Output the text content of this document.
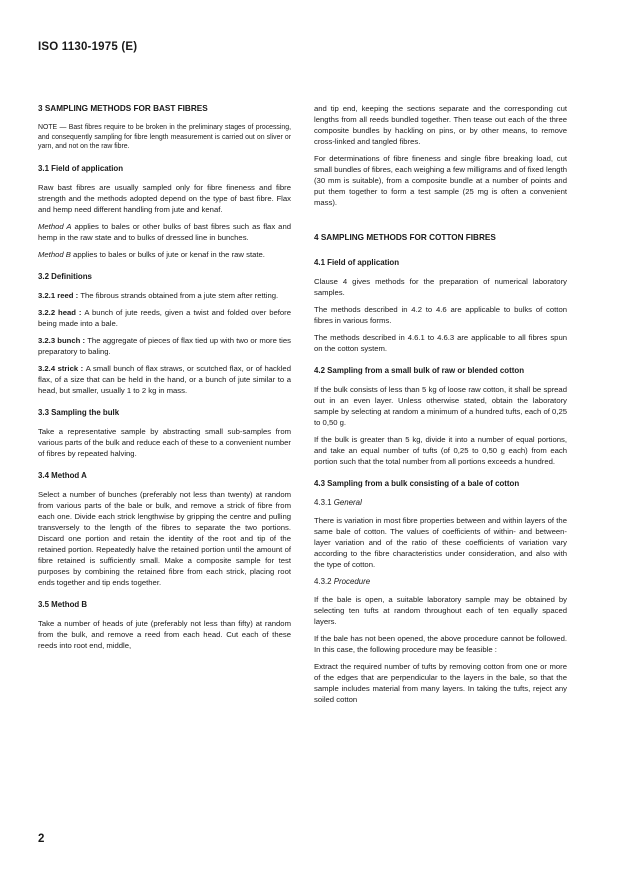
ISO 1130-1975 (E)
3 SAMPLING METHODS FOR BAST FIBRES

NOTE — Bast fibres require to be broken in the preliminary stages of processing, and consequently sampling for fibre length measurement is carried out on sliver or yarn, and not on the raw fibre.

3.1 Field of application

Raw bast fibres are usually sampled only for fibre fineness and fibre strength and the methods adopted depend on the type of bast fibre. Flax and hemp need different handling from jute and kenaf.

Method A applies to bales or other bulks of bast fibres such as flax and hemp in the raw state and to bulks of dressed line in bunches.

Method B applies to bales or bulks of jute or kenaf in the raw state.

3.2 Definitions

3.2.1 reed : The fibrous strands obtained from a jute stem after retting.

3.2.2 head : A bunch of jute reeds, given a twist and folded over before being made into a bale.

3.2.3 bunch : The aggregate of pieces of flax tied up with two or more ties preparatory to baling.

3.2.4 strick : A small bunch of flax straws, or scutched flax, or of hackled flax, of a size that can be held in the hand, or a bunch of jute similar to a head, but smaller, usually 1 to 2 kg in mass.

3.3 Sampling the bulk

Take a representative sample by abstracting small sub-samples from various parts of the bulk and reduce each of these to a convenient number of fibres by repeated halving.

3.4 Method A

Select a number of bunches (preferably not less than twenty) at random from various parts of the bale or bulk, and remove a strick of fibre from each one. Divide each strick lengthwise by gripping the centre and pulling transversely to the length of the fibres to separate the two portions. Discard one portion and retain the identity of the root and tip of the retained portion. Repeatedly halve the retained portion until the amount of fibre retained is sufficiently small. Make a composite sample for test purposes by combining the retained fibre from each strick, placing root ends together and tip ends together.

3.5 Method B

Take a number of heads of jute (preferably not less than fifty) at random from the bulk, and remove a reed from each head. Cut each of these reeds into root end, middle,

and tip end, keeping the sections separate and the corresponding cut lengths from all reeds bundled together. Then tease out each of the three composite bundles by hackling on pins, or by other means, to remove cross-linked and tangled fibres.

For determinations of fibre fineness and single fibre breaking load, cut small bundles of fibres, each weighing a few milligrams and of fixed length (30 mm is suitable), from a composite bundle at a number of points and put them together to form a test sample (25 mg is often a convenient mass).

4 SAMPLING METHODS FOR COTTON FIBRES
4.1 Field of application

Clause 4 gives methods for the preparation of numerical laboratory samples.

The methods described in 4.2 to 4.6 are applicable to bulks of cotton fibres in various forms.

The methods described in 4.6.1 to 4.6.3 are applicable to all fibres spun on the cotton system.

4.2 Sampling from a small bulk of raw or blended cotton

If the bulk consists of less than 5 kg of loose raw cotton, it shall be spread out in an even layer. Unless otherwise stated, obtain the laboratory sample by selecting at random a minimum of a hundred tufts, each of 0,25 to 0,50 g.

If the bulk is greater than 5 kg, divide it into a number of equal portions, and take an equal number of tufts (of 0,25 to 0,50 g each) from each portion such that the total number from all portions exceeds a hundred.

4.3 Sampling from a bulk consisting of a bale of cotton
4.3.1 General

There is variation in most fibre properties between and within layers of the same bale of cotton. The values of coefficients of within- and between-layer variation and of the ratio of these coefficients of variation vary according to the fibre characteristics under consideration, and also with the type of cotton.

4.3.2 Procedure

If the bale is open, a suitable laboratory sample may be obtained by selecting ten tufts at random throughout each of ten equally spaced layers.

If the bale has not been opened, the above procedure cannot be followed. In this case, the following procedure may be feasible :

Extract the required number of tufts by removing cotton from one or more of the edges that are perpendicular to the layers in the bale, so that the sample includes material from many layers. In taking the tufts, reject any soiled cotton

2
